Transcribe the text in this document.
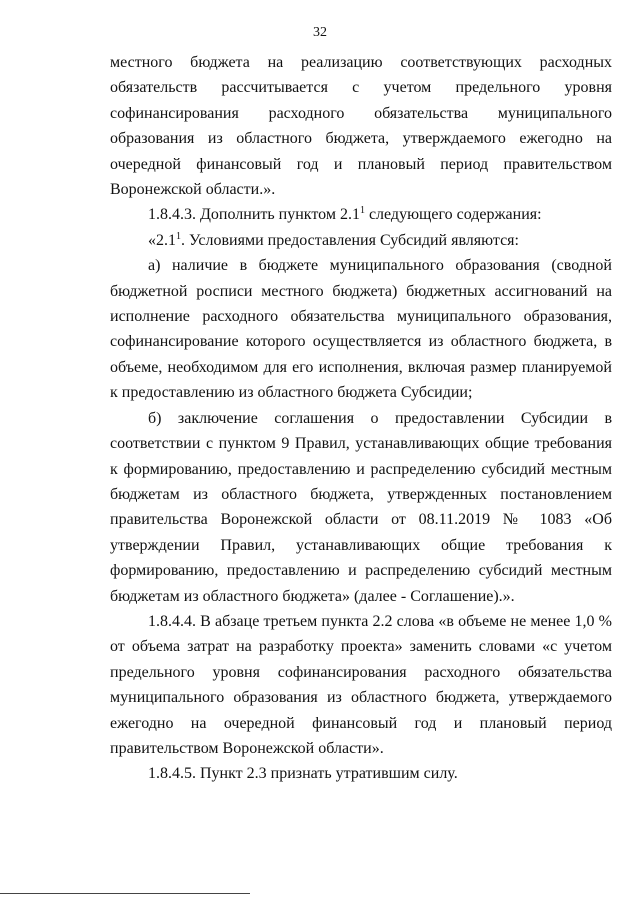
32

местного бюджета на реализацию соответствующих расходных обязательств рассчитывается с учетом предельного уровня софинансирования расходного обязательства муниципального образования из областного бюджета, утверждаемого ежегодно на очередной финансовый год и плановый период правительством Воронежской области.».

1.8.4.3. Дополнить пунктом $2.1^1$ следующего содержания:

«$2.1^1$. Условиями предоставления Субсидий являются:

а) наличие в бюджете муниципального образования (сводной бюджетной росписи местного бюджета) бюджетных ассигнований на исполнение расходного обязательства муниципального образования, софинансирование которого осуществляется из областного бюджета, в объеме, необходимом для его исполнения, включая размер планируемой к предоставлению из областного бюджета Субсидии;

б) заключение соглашения о предоставлении Субсидии в соответствии с пунктом 9 Правил, устанавливающих общие требования к формированию, предоставлению и распределению субсидий местным бюджетам из областного бюджета, утвержденных постановлением правительства Воронежской области от 08.11.2019 № 1083 «Об утверждении Правил, устанавливающих общие требования к формированию, предоставлению и распределению субсидий местным бюджетам из областного бюджета» (далее - Соглашение).».

1.8.4.4. В абзаце третьем пункта 2.2 слова «в объеме не менее 1,0 % от объема затрат на разработку проекта» заменить словами «с учетом предельного уровня софинансирования расходного обязательства муниципального образования из областного бюджета, утверждаемого ежегодно на очередной финансовый год и плановый период правительством Воронежской области».

1.8.4.5. Пункт 2.3 признать утратившим силу.
